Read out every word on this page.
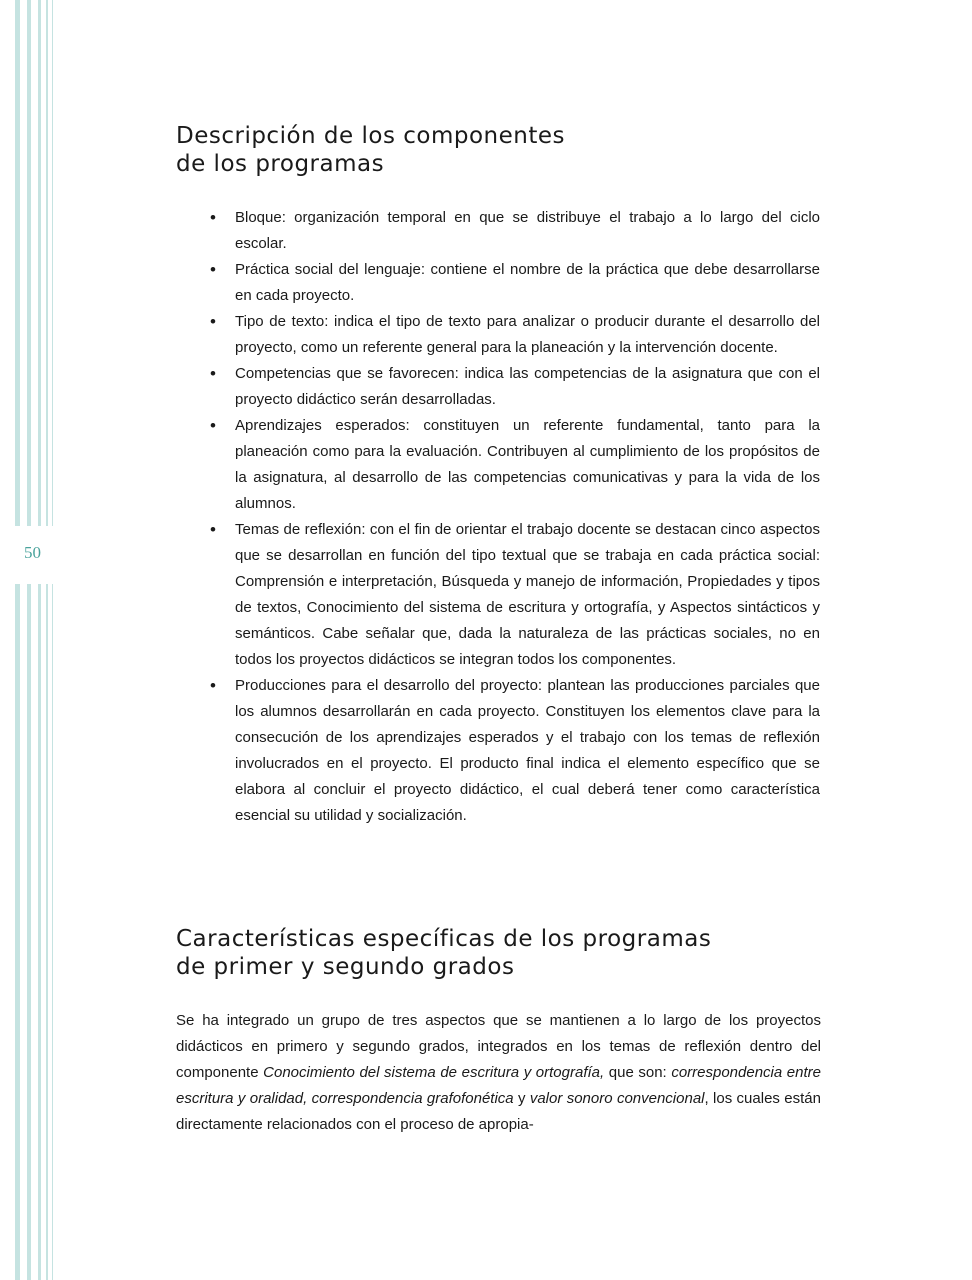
50
Descripción de los componentes
de los programas
• Bloque: organización temporal en que se distribuye el trabajo a lo largo del ciclo escolar.
• Práctica social del lenguaje: contiene el nombre de la práctica que debe desarrollarse en cada proyecto.
• Tipo de texto: indica el tipo de texto para analizar o producir durante el desarrollo del proyecto, como un referente general para la planeación y la intervención docente.
• Competencias que se favorecen: indica las competencias de la asignatura que con el proyecto didáctico serán desarrolladas.
• Aprendizajes esperados: constituyen un referente fundamental, tanto para la planeación como para la evaluación. Contribuyen al cumplimiento de los propósitos de la asignatura, al desarrollo de las competencias comunicativas y para la vida de los alumnos.
• Temas de reflexión: con el fin de orientar el trabajo docente se destacan cinco aspectos que se desarrollan en función del tipo textual que se trabaja en cada práctica social: Comprensión e interpretación, Búsqueda y manejo de información, Propiedades y tipos de textos, Conocimiento del sistema de escritura y ortografía, y Aspectos sintácticos y semánticos. Cabe señalar que, dada la naturaleza de las prácticas sociales, no en todos los proyectos didácticos se integran todos los componentes.
• Producciones para el desarrollo del proyecto: plantean las producciones parciales que los alumnos desarrollarán en cada proyecto. Constituyen los elementos clave para la consecución de los aprendizajes esperados y el trabajo con los temas de reflexión involucrados en el proyecto. El producto final indica el elemento específico que se elabora al concluir el proyecto didáctico, el cual deberá tener como característica esencial su utilidad y socialización.
Características específicas de los programas
de primer y segundo grados

Se ha integrado un grupo de tres aspectos que se mantienen a lo largo de los proyectos didácticos en primero y segundo grados, integrados en los temas de reflexión dentro del componente Conocimiento del sistema de escritura y ortografía, que son: correspondencia entre escritura y oralidad, correspondencia grafofonética y valor sonoro convencional, los cuales están directamente relacionados con el proceso de apropia-
